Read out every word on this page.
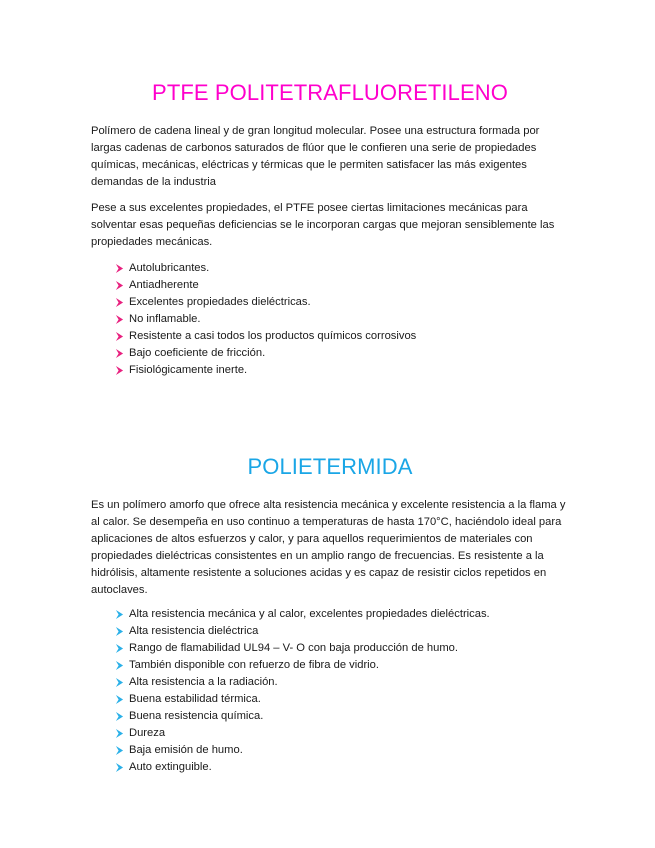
PTFE POLITETRAFLUORETILENO

Polímero de cadena lineal y de gran longitud molecular. Posee una estructura formada por largas cadenas de carbonos saturados de flúor que le confieren una serie de propiedades químicas, mecánicas, eléctricas y térmicas que le permiten satisfacer las más exigentes demandas de la industria

Pese a sus excelentes propiedades, el PTFE posee ciertas limitaciones mecánicas para solventar esas pequeñas deficiencias se le incorporan cargas que mejoran sensiblemente las propiedades mecánicas.

Autolubricantes.
Antiadherente
Excelentes propiedades dieléctricas.
No inflamable.
Resistente a casi todos los productos químicos corrosivos
Bajo coeficiente de fricción.
Fisiológicamente inerte.
POLIETERMIDA

Es un polímero amorfo que ofrece alta resistencia mecánica y excelente resistencia a la flama y al calor. Se desempeña en uso continuo a temperaturas de hasta 170°C, haciéndolo ideal para aplicaciones de altos esfuerzos y calor, y para aquellos requerimientos de materiales con propiedades dieléctricas consistentes en un amplio rango de frecuencias. Es resistente a la hidrólisis, altamente resistente a soluciones acidas y es capaz de resistir ciclos repetidos en autoclaves.

Alta resistencia mecánica y al calor, excelentes propiedades dieléctricas.
Alta resistencia dieléctrica
Rango de flamabilidad UL94 – V- O con baja producción de humo.
También disponible con refuerzo de fibra de vidrio.
Alta resistencia a la radiación.
Buena estabilidad térmica.
Buena resistencia química.
Dureza
Baja emisión de humo.
Auto extinguible.
